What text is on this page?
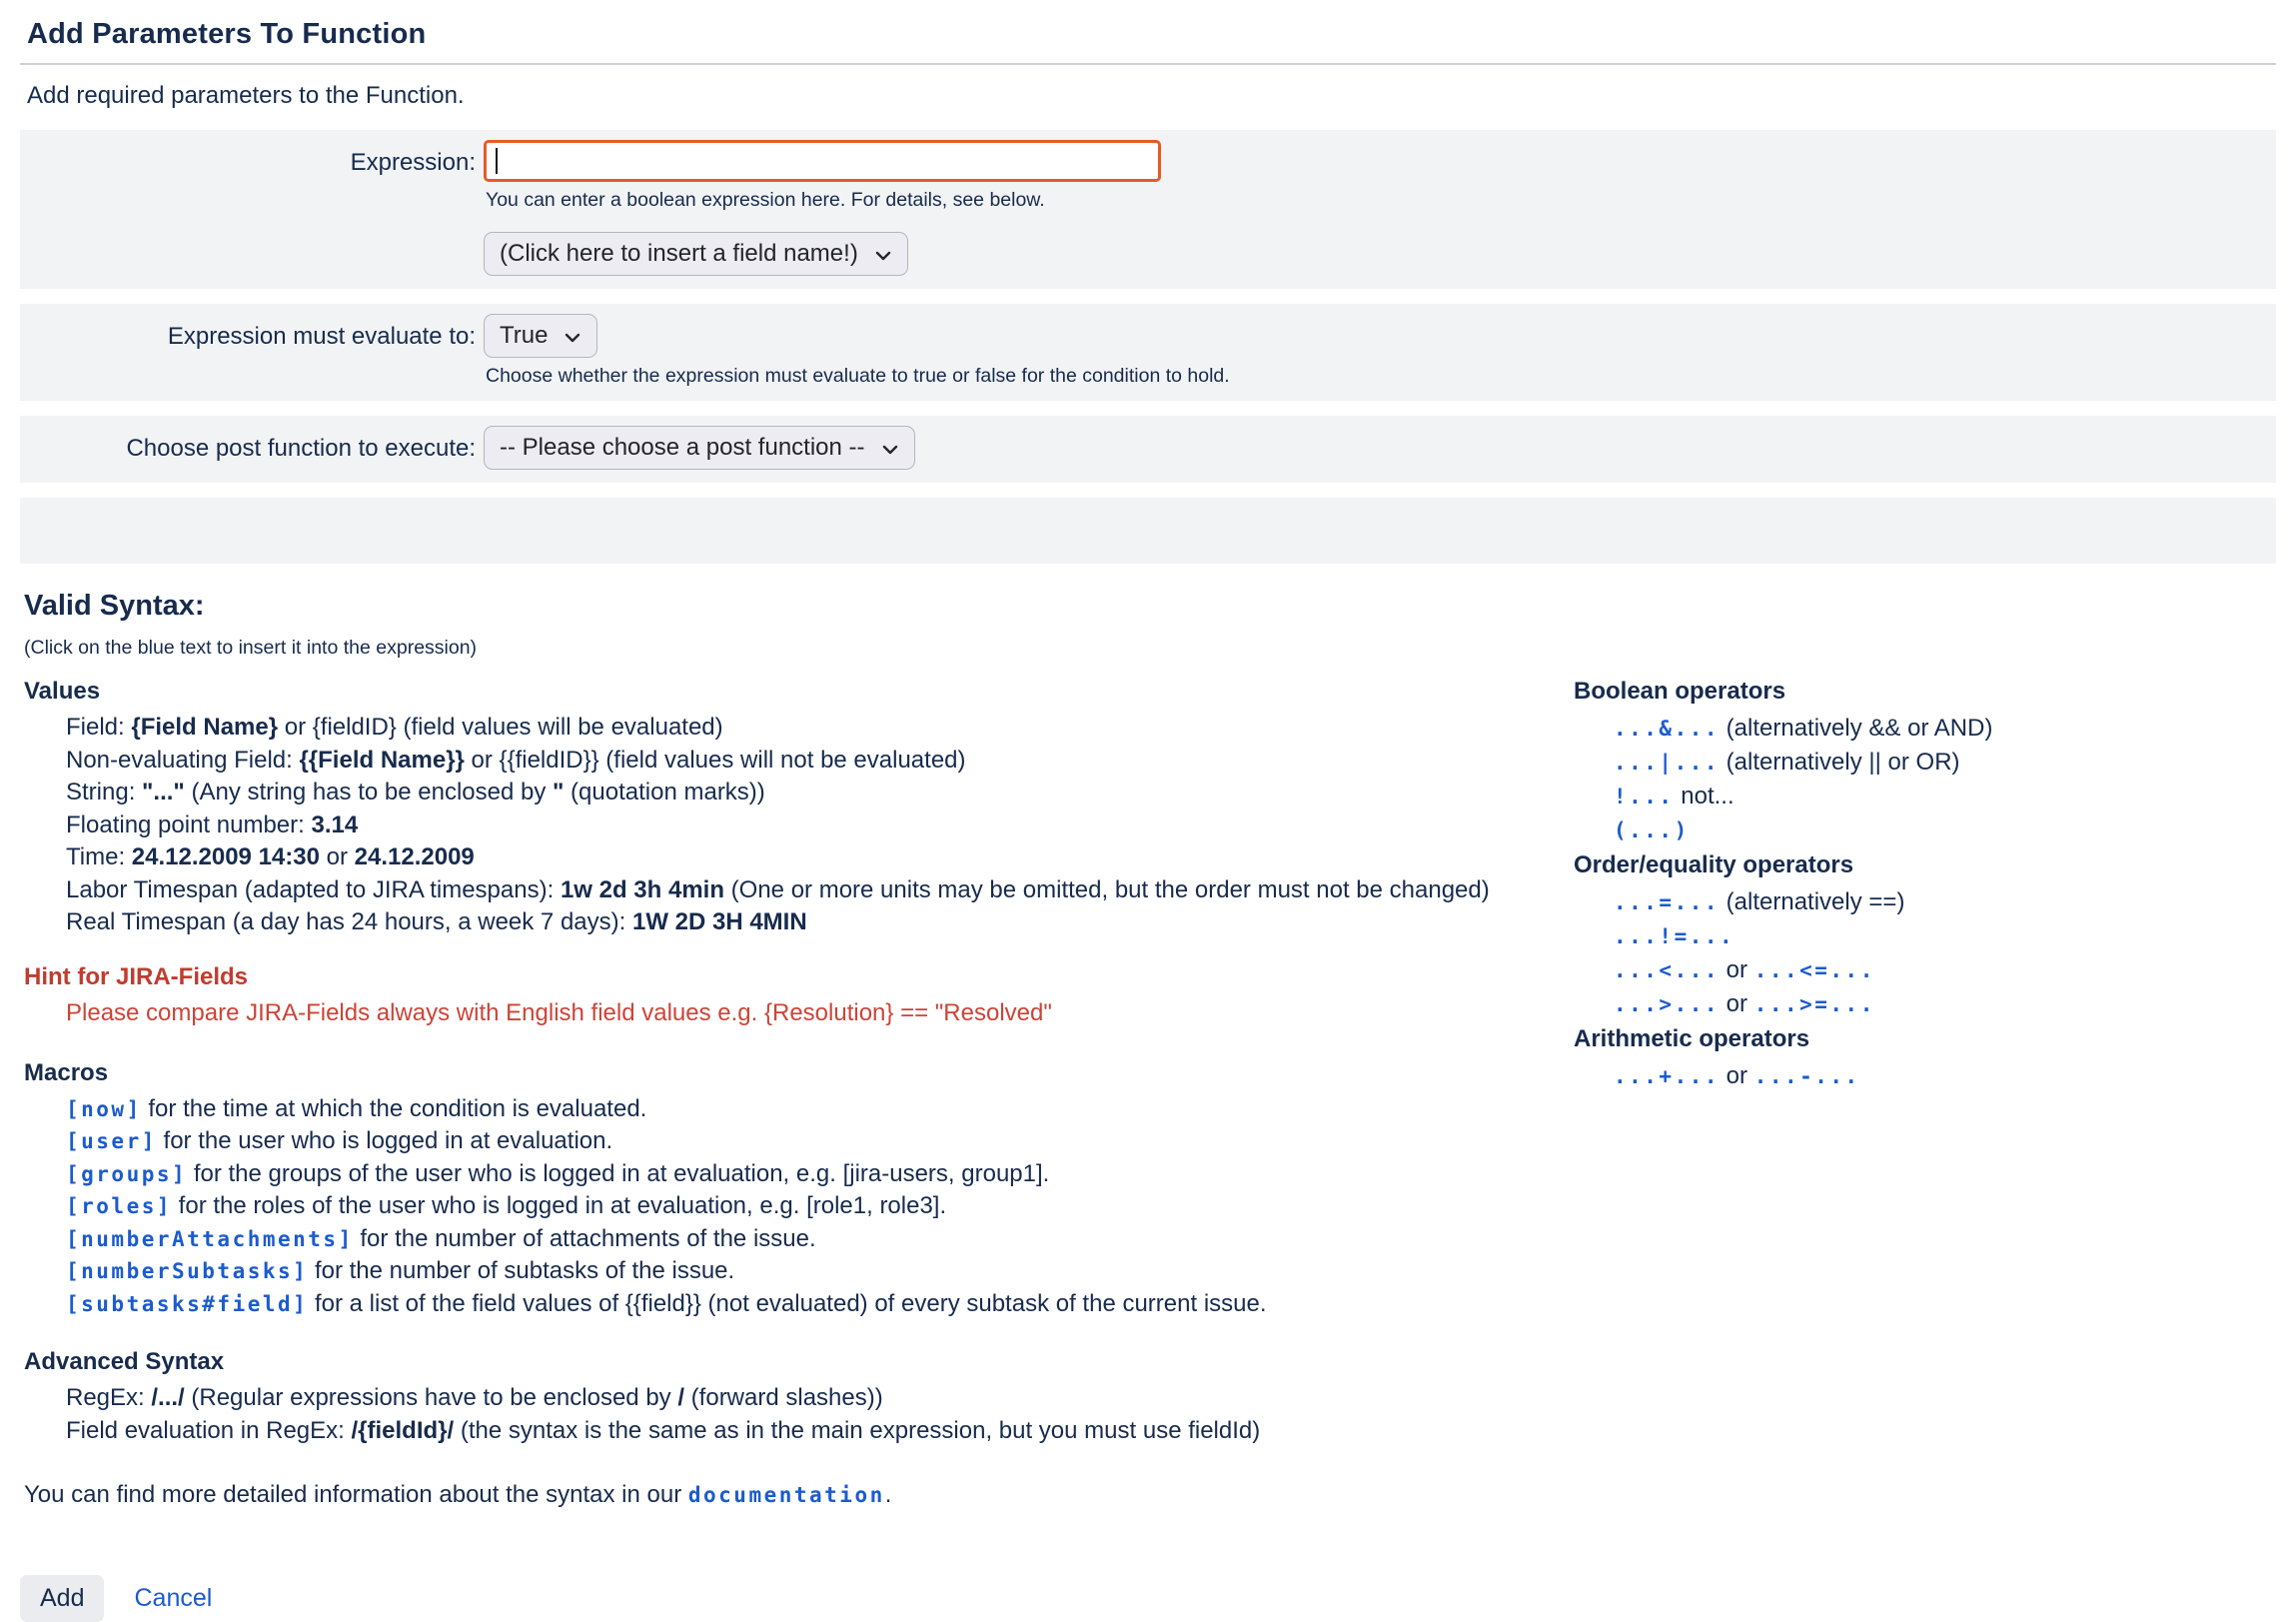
Add Parameters To Function

Add required parameters to the Function.

Expression:
You can enter a boolean expression here. For details, see below.
(Click here to insert a field name!)
Expression must evaluate to:	True
Choose whether the expression must evaluate to true or false for the condition to hold.
Choose post function to execute:	-- Please choose a post function --
Valid Syntax:
(Click on the blue text to insert it into the expression)
Values
Field: {Field Name} or {fieldID} (field values will be evaluated)
Non-evaluating Field: {{Field Name}} or {{fieldID}} (field values will not be evaluated)
String: "..." (Any string has to be enclosed by " (quotation marks))
Floating point number: 3.14
Time: 24.12.2009 14:30 or 24.12.2009
Labor Timespan (adapted to JIRA timespans): 1w 2d 3h 4min (One or more units may be omitted, but the order must not be changed)
Real Timespan (a day has 24 hours, a week 7 days): 1W 2D 3H 4MIN
Hint for JIRA-Fields
Please compare JIRA-Fields always with English field values e.g. {Resolution} == "Resolved"
Macros
[now] for the time at which the condition is evaluated.
[user] for the user who is logged in at evaluation.
[groups] for the groups of the user who is logged in at evaluation, e.g. [jira-users, group1].
[roles] for the roles of the user who is logged in at evaluation, e.g. [role1, role3].
[numberAttachments] for the number of attachments of the issue.
[numberSubtasks] for the number of subtasks of the issue.
[subtasks#field] for a list of the field values of {{field}} (not evaluated) of every subtask of the current issue.
Advanced Syntax
RegEx: /.../ (Regular expressions have to be enclosed by / (forward slashes))
Field evaluation in RegEx: /{fieldId}/ (the syntax is the same as in the main expression, but you must use fieldId)
Boolean operators
...&... (alternatively && or AND)
...|... (alternatively || or OR)
!... not...
(...)
Order/equality operators
...=... (alternatively ==)
...!=...
...<... or ...<=...
...>... or ...>=...
Arithmetic operators
...+... or ...-...
You can find more detailed information about the syntax in our documentation.
Add	Cancel
